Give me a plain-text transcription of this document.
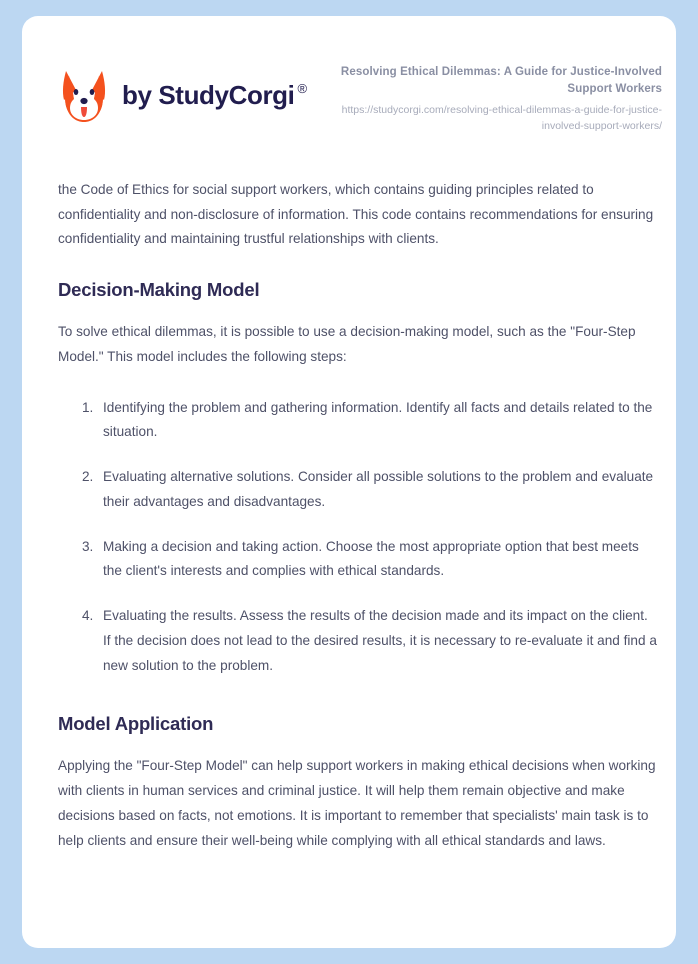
by StudyCorgi ®

Resolving Ethical Dilemmas: A Guide for Justice-Involved Support Workers

https://studycorgi.com/resolving-ethical-dilemmas-a-guide-for-justice-involved-support-workers/

the Code of Ethics for social support workers, which contains guiding principles related to confidentiality and non-disclosure of information. This code contains recommendations for ensuring confidentiality and maintaining trustful relationships with clients.

Decision-Making Model

To solve ethical dilemmas, it is possible to use a decision-making model, such as the "Four-Step Model." This model includes the following steps:

1. Identifying the problem and gathering information. Identify all facts and details related to the situation.
2. Evaluating alternative solutions. Consider all possible solutions to the problem and evaluate their advantages and disadvantages.
3. Making a decision and taking action. Choose the most appropriate option that best meets the client's interests and complies with ethical standards.
4. Evaluating the results. Assess the results of the decision made and its impact on the client. If the decision does not lead to the desired results, it is necessary to re-evaluate it and find a new solution to the problem.
Model Application

Applying the "Four-Step Model" can help support workers in making ethical decisions when working with clients in human services and criminal justice. It will help them remain objective and make decisions based on facts, not emotions. It is important to remember that specialists' main task is to help clients and ensure their well-being while complying with all ethical standards and laws.
